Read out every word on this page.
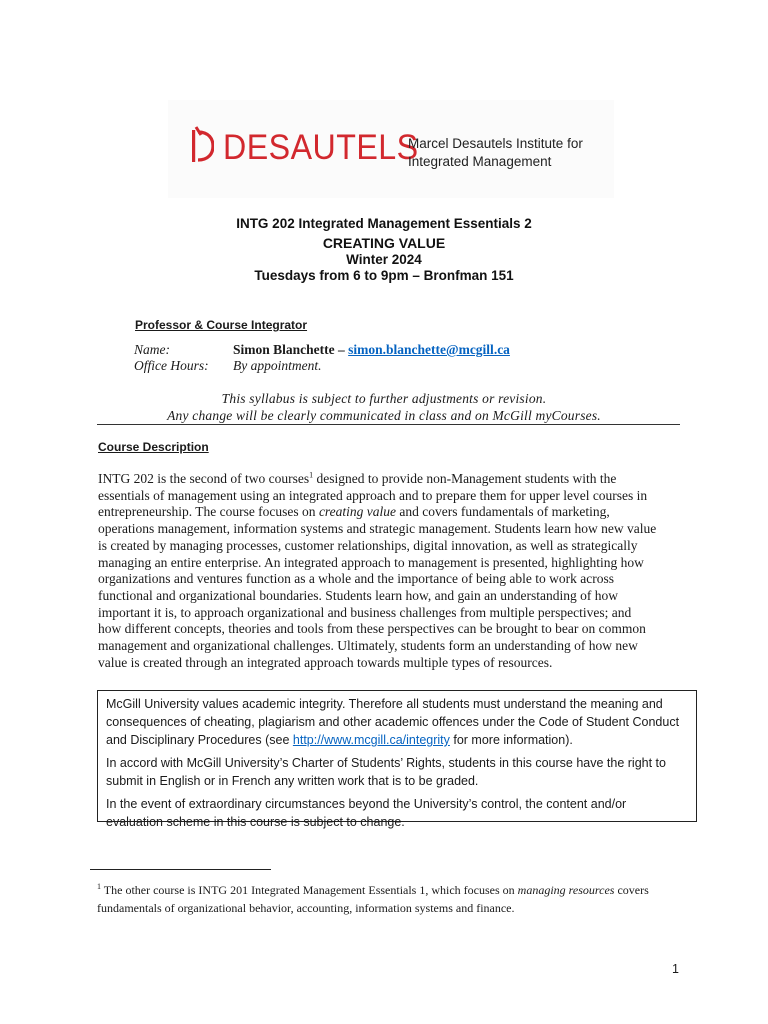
DESAUTELS
Marcel Desautels Institute for
Integrated Management
INTG 202 Integrated Management Essentials 2
CREATING VALUE
Winter 2024
Tuesdays from 6 to 9pm – Bronfman 151
Professor & Course Integrator
Name:	Simon Blanchette – simon.blanchette@mcgill.ca
Office Hours: By appointment.
This syllabus is subject to further adjustments or revision.
Any change will be clearly communicated in class and on McGill myCourses.
Course Description

INTG 202 is the second of two courses$^1$ designed to provide non-Management students with the
essentials of management using an integrated approach and to prepare them for upper level courses in
entrepreneurship. The course focuses on creating value and covers fundamentals of marketing,
operations management, information systems and strategic management. Students learn how new value
is created by managing processes, customer relationships, digital innovation, as well as strategically
managing an entire enterprise. An integrated approach to management is presented, highlighting how
organizations and ventures function as a whole and the importance of being able to work across
functional and organizational boundaries. Students learn how, and gain an understanding of how
important it is, to approach organizational and business challenges from multiple perspectives; and
how different concepts, theories and tools from these perspectives can be brought to bear on common
management and organizational challenges. Ultimately, students form an understanding of how new
value is created through an integrated approach towards multiple types of resources.

McGill University values academic integrity. Therefore all students must understand the meaning and
consequences of cheating, plagiarism and other academic offences under the Code of Student Conduct
and Disciplinary Procedures (see http://www.mcgill.ca/integrity for more information).

In accord with McGill University’s Charter of Students’ Rights, students in this course have the right to
submit in English or in French any written work that is to be graded.

In the event of extraordinary circumstances beyond the University’s control, the content and/or
evaluation scheme in this course is subject to change.

$^1$ The other course is INTG 201 Integrated Management Essentials 1, which focuses on managing resources covers fundamentals of organizational behavior, accounting, information systems and finance.

1
